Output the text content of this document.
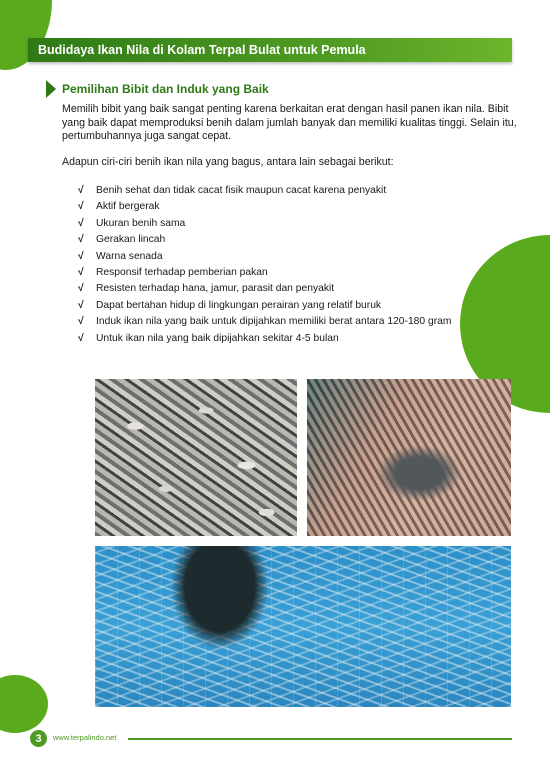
Budidaya Ikan Nila di Kolam Terpal Bulat untuk Pemula
Pemilihan Bibit dan Induk yang Baik

Memilih bibit yang baik sangat penting karena berkaitan erat dengan hasil panen ikan nila. Bibit yang baik dapat memproduksi benih dalam jumlah banyak dan memiliki kualitas tinggi. Selain itu, pertumbuhannya juga sangat cepat.

Adapun ciri-ciri benih ikan nila yang bagus, antara lain sebagai berikut:

√	Benih sehat dan tidak cacat fisik maupun cacat karena penyakit
√	Aktif bergerak
√	Ukuran benih sama
√	Gerakan lincah
√	Warna senada
√	Responsif terhadap pemberian pakan
√	Resisten terhadap hana, jamur, parasit dan penyakit
√	Dapat bertahan hidup di lingkungan perairan yang relatif buruk
√	Induk ikan nila yang baik untuk dipijahkan memiliki berat antara 120-180 gram
√	Untuk ikan nila yang baik dipijahkan sekitar 4-5 bulan
3	www.terpalindo.net
